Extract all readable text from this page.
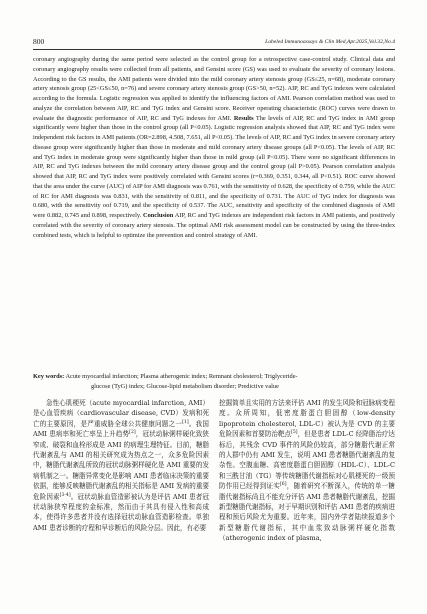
800	Labeled Immunoassays & Clin Med,Apr.2025,Vol.32,No.4

coronary angiography during the same period were selected as the control group for a retrospective case-control study. Clinical data and coronary angiography results were collected from all patients, and Gensini score (GS) was used to evaluate the severity of coronary lesions. According to the GS results, the AMI patients were divided into the mild coronary artery stenosis group (GS≤25, n=68), moderate coronary artery stenosis group (25<GS≤50, n=76) and severe coronary artery stenosis group (GS>50, n=52). AIP, RC and TyG indexes were calculated according to the formula. Logistic regression was applied to identify the influencing factors of AMI. Pearson correlation method was used to analyze the correlation between AIP, RC and TyG index and Gensini score. Receiver operating characteristic (ROC) curves were drawn to evaluate the diagnostic performance of AIP, RC and TyG indexes for AMI. Results The levels of AIP, RC and TyG index in AMI group significantly were higher than those in the control group (all P<0.05). Logistic regression analysis showed that AIP, RC and TyG index were independent risk factors in AMI patients (OR=2.898, 4.508, 7.651, all P<0.05). The levels of AIP, RC and TyG index in severe coronary artery disease group were significantly higher than those in moderate and mild coronary artery disease groups (all P<0.05). The levels of AIP, RC and TyG index in moderate group were significantly higher than those in mild group (all P<0.05). There were no significant differences in AIP, RC and TyG indexes between the mild coronary artery disease group and the control group (all P>0.05). Pearson correlation analysis showed that AIP, RC and TyG index were positively correlated with Gensini scores (r=0.369, 0.351, 0.344, all P<0.51). ROC curve showed that the area under the curve (AUC) of AIP for AMI diagnosis was 0.761, with the sensitivity of 0.628, the specificity of 0.759, while the AUC of RC for AMI diagnosis was 0.831, with the sensitivity of 0.811, and the specificity of 0.731. The AUC of TyG index for diagnosis was 0.680, with the sensitivity oof 0.719, and the specificity of 0.537. The AUC, sensitivity and specificity of the combined diagnosis of AMI were 0.882, 0.745 and 0.898, respectively. Conclusion AIP, RC and TyG indexes are independent risk factors in AMI patients, and positively correlated with the severity of coronary artery stenosis. The optimal AMI risk assessment model can be constructed by using the three-index combined tests, which is helpful to optimize the prevention and control strategy of AMI.

Key words: Acute myocardial infarction; Plasma atherogenic index; Remnant cholesterol; Triglyceride-
glucose (TyG) index; Glucose-lipid metabolism disorder; Predictive value

急性心肌梗死（acute myocardial infarction, AMI）是心血管疾病（cardiovascular disease, CVD）发病和死亡的主要原因，是严重威胁全球公共健康问题之一[1]。我国 AMI 患病率和死亡率呈上升趋势[2]，冠状动脉粥样硬化致狭窄或、破裂和血栓形成是 AMI 的病理生理特征。目前，糖脂代谢紊乱与 AMI 的相关研究成为热点之一，众多危险因素中，糖脂代谢紊乱所致的冠状动脉粥样硬化是 AMI 重要的发病机制之一。糖脂异常变化是影响 AMI 患者临床决策的重要依据，能够反映糖脂代谢紊乱的相关指标是 AMI 发病的重要危险因素[3-4]。冠状动脉血管造影被认为是评估 AMI 患者冠状动脉狭窄程度的金标准，然而由于其具有侵入性和高成本，使得许多患者并没有选择冠状动脉血管造影检查。单独 AMI 患者诊断的疗程和早诊断后的风险分层。因此，有必要

挖掘简单且实用的方法来评估 AMI 的发生风险和冠脉病变程度。众所周知，低密度脂蛋白胆固醇（low-density lipoprotein cholesterol, LDL-C）被认为是 CVD 的主要危险因素和首要防治靶点[5]，但是患者 LDL-C 经降脂治疗达标后，其残余 CVD 事件的风险仍较高，部分糖脂代谢正常的人群中仍有 AMI 发生，说明 AMI 患者糖脂代谢紊乱的复杂性。空腹血糖、高密度脂蛋白胆固醇（HDL-C）、LDL-C 和三酰甘油（TG）等传统糖脂代谢指标对心肌梗死的一级预防作用已经得到证实[6]，随着研究不断深入，传统的单一糖脂代谢指标尚且不能充分评估 AMI 患者糖脂代谢紊乱，挖掘新型糖脂代谢指标，对于早期识别和评估 AMI 患者的疾病进程和预后风险尤为重要。近年来，国内外学者陆续报道多个新型糖脂代谢指标，其中血浆致动脉粥样硬化指数（atherogenic index of plasma,
